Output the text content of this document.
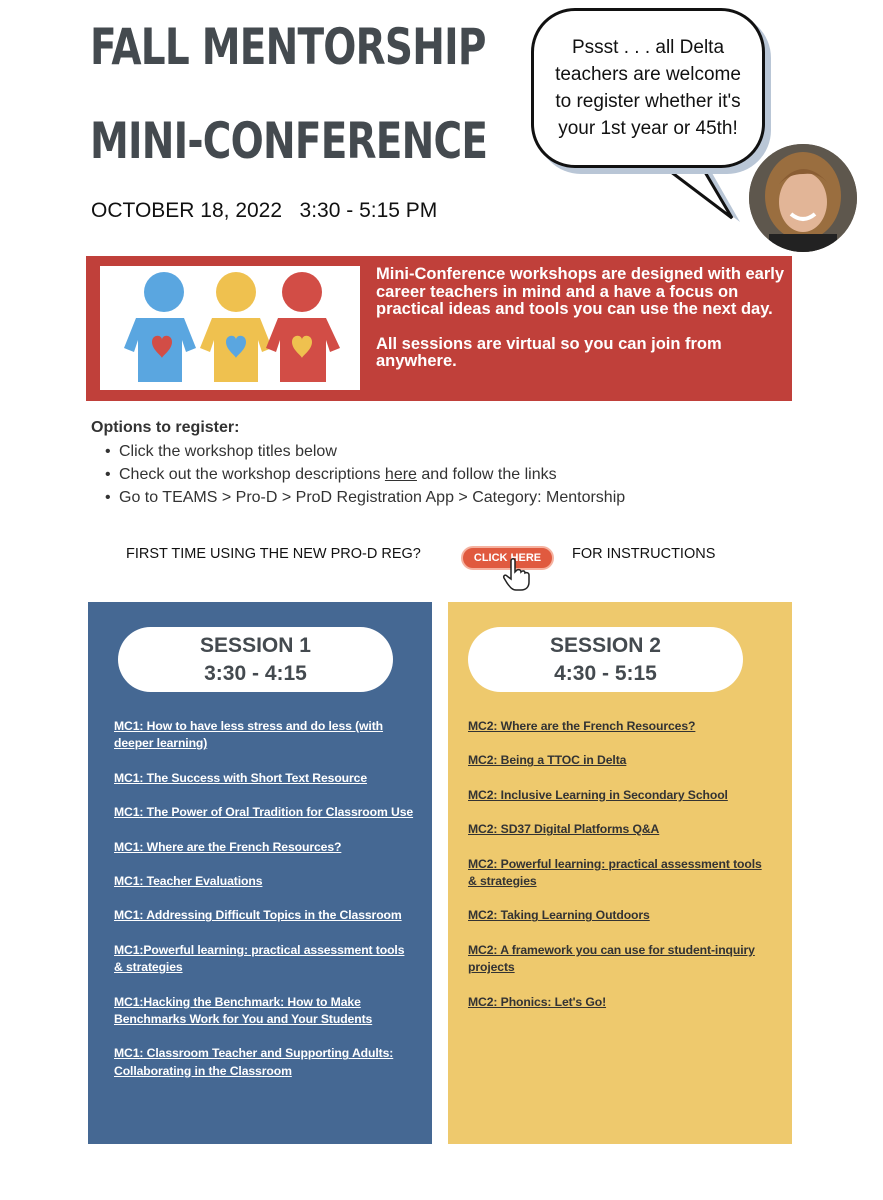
FALL MENTORSHIP
MINI-CONFERENCE
OCTOBER 18, 2022   3:30 - 5:15 PM
Pssst . . . all Delta teachers are welcome to register whether it's your 1st year or 45th!

Mini-Conference workshops are designed with early career teachers in mind and a have a focus on practical ideas and tools you can use the next day.

All sessions are virtual so you can join from anywhere.

Options to register:
• Click the workshop titles below
• Check out the workshop descriptions here and follow the links
• Go to TEAMS > Pro-D > ProD Registration App > Category: Mentorship
FIRST TIME USING THE NEW PRO-D REG?	CLICK HERE	FOR INSTRUCTIONS
SESSION 1
3:30 - 4:15
MC1: How to have less stress and do less (with deeper learning)
MC1: The Success with Short Text Resource
MC1: The Power of Oral Tradition for Classroom Use
MC1: Where are the French Resources?
MC1: Teacher Evaluations
MC1: Addressing Difficult Topics in the Classroom
MC1:Powerful learning: practical assessment tools & strategies
MC1:Hacking the Benchmark: How to Make Benchmarks Work for You and Your Students
MC1: Classroom Teacher and Supporting Adults: Collaborating in the Classroom
SESSION 2
4:30 - 5:15
MC2: Where are the French Resources?
MC2: Being a TTOC in Delta
MC2: Inclusive Learning in Secondary School
MC2: SD37 Digital Platforms Q&A
MC2: Powerful learning: practical assessment tools & strategies
MC2: Taking Learning Outdoors
MC2: A framework you can use for student-inquiry projects
MC2: Phonics: Let's Go!
